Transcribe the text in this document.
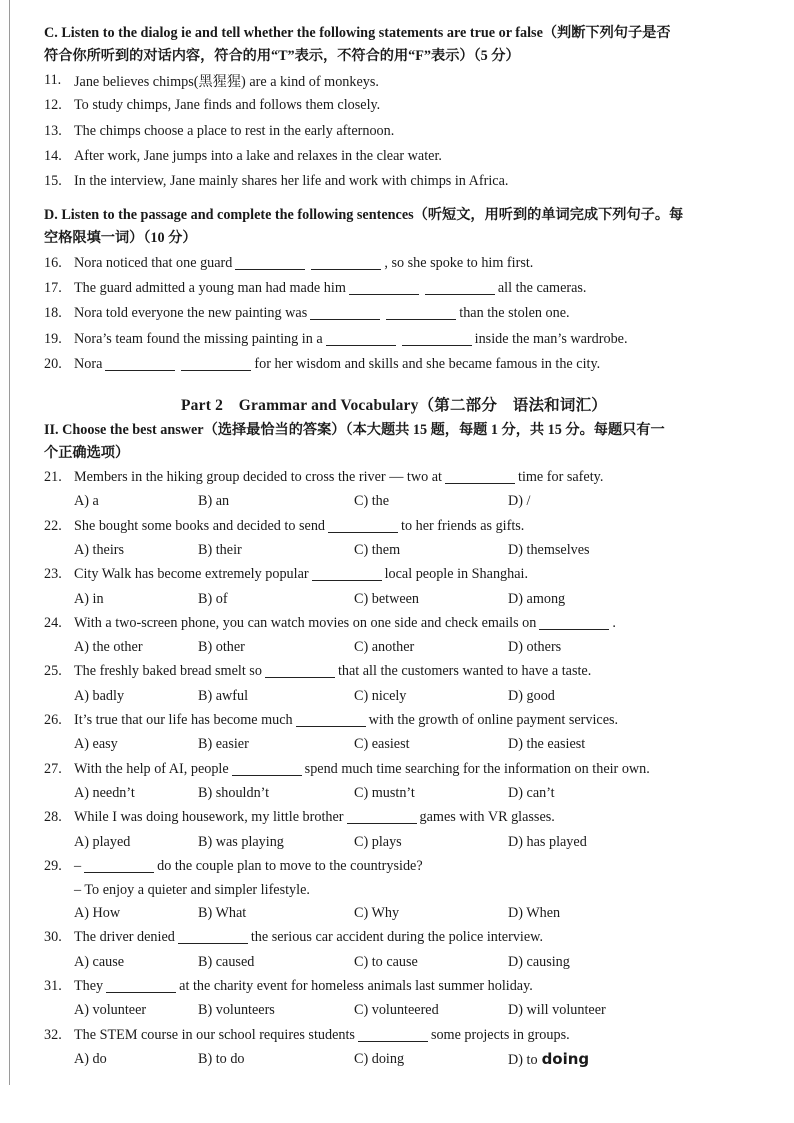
C. Listen to the dialog ie and tell whether the following statements are true or false（判断下列句子是否
符合你所听到的对话内容，符合的用“T”表示，不符合的用“F”表示）（5 分）
11. Jane believes chimps(黑猩猩) are a kind of monkeys.
12. To study chimps, Jane finds and follows them closely.
13. The chimps choose a place to rest in the early afternoon.
14. After work, Jane jumps into a lake and relaxes in the clear water.
15. In the interview, Jane mainly shares her life and work with chimps in Africa.
D. Listen to the passage and complete the following sentences（听短文，用听到的单词完成下列句子。每
空格限填一词）（10 分）
16. Nora noticed that one guard	, so she spoke to him first.
17. The guard admitted a young man had made him	all the cameras.
18. Nora told everyone the new painting was	than the stolen one.
19. Nora’s team found the missing painting in a	inside the man’s wardrobe.
20. Nora	for her wisdom and skills and she became famous in the city.
Part 2　Grammar and Vocabulary（第二部分　语法和词汇）
II. Choose the best answer（选择最恰当的答案）（本大题共 15 题，每题 1 分，共 15 分。每题只有一
个正确选项）
21. Members in the hiking group decided to cross the river — two at	time for safety.
A) a	B) an	C) the	D) /
22. She bought some books and decided to send	to her friends as gifts.
A) theirs	B) their	C) them	D) themselves
23. City Walk has become extremely popular	local people in Shanghai.
A) in	B) of	C) between	D) among
24. With a two-screen phone, you can watch movies on one side and check emails on	.
A) the other	B) other	C) another	D) others
25. The freshly baked bread smelt so	that all the customers wanted to have a taste.
A) badly	B) awful	C) nicely	D) good
26. It’s true that our life has become much	with the growth of online payment services.
A) easy	B) easier	C) easiest	D) the easiest
27. With the help of AI, people	spend much time searching for the information on their own.
A) needn’t	B) shouldn’t	C) mustn’t	D) can’t
28. While I was doing housework, my little brother	games with VR glasses.
A) played	B) was playing	C) plays	D) has played
29. –	do the couple plan to move to the countryside?
– To enjoy a quieter and simpler lifestyle.
A) How	B) What	C) Why	D) When
30. The driver denied	the serious car accident during the police interview.
A) cause	B) caused	C) to cause	D) causing
31. They	at the charity event for homeless animals last summer holiday.
A) volunteer	B) volunteers	C) volunteered	D) will volunteer
32. The STEM course in our school requires students	some projects in groups.
A) do	B) to do	C) doing	D) to doing
